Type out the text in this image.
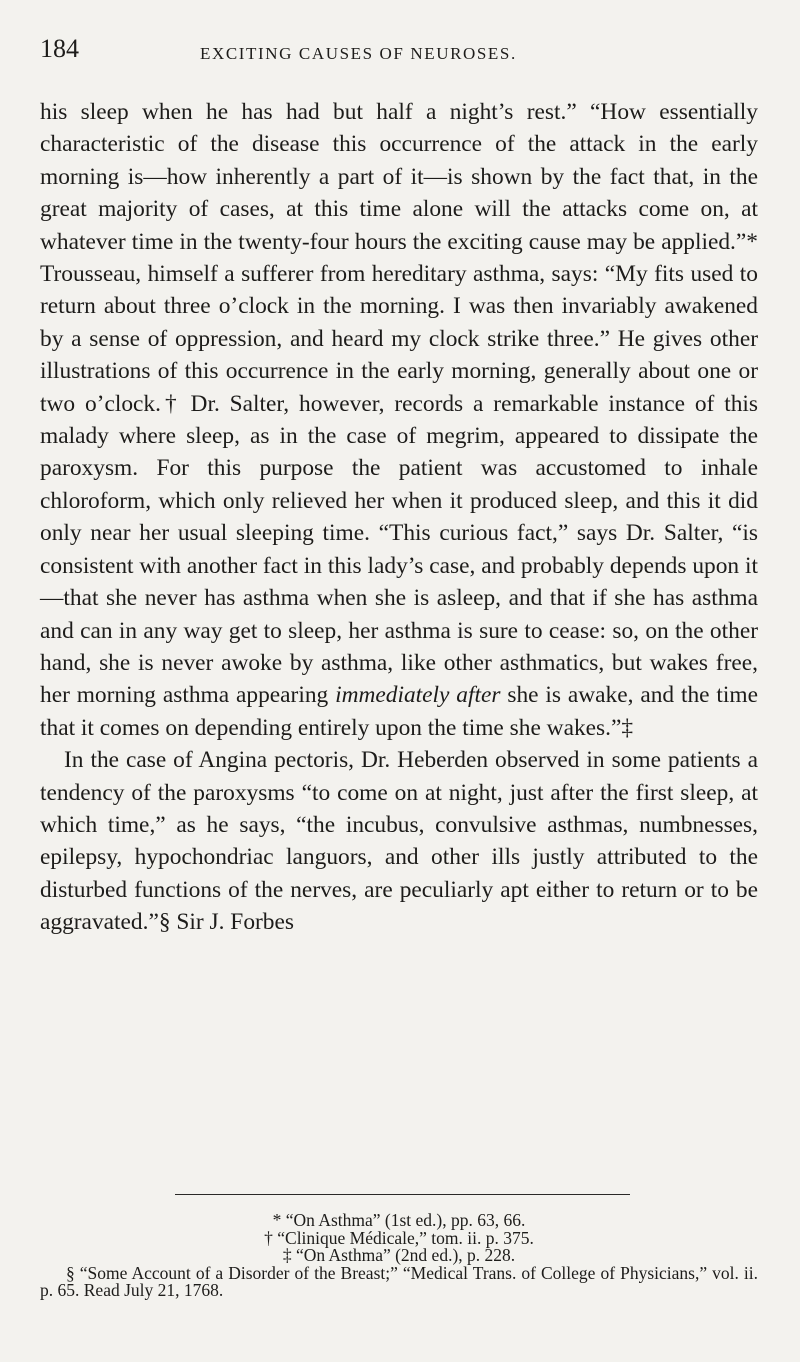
184	EXCITING CAUSES OF NEUROSES.

his sleep when he has had but half a night’s rest.” “How essentially characteristic of the disease this occurrence of the attack in the early morning is—how inherently a part of it—is shown by the fact that, in the great majority of cases, at this time alone will the attacks come on, at whatever time in the twenty-four hours the exciting cause may be applied.”* Trousseau, himself a sufferer from hereditary asthma, says: “My fits used to return about three o’clock in the morning. I was then invariably awakened by a sense of oppression, and heard my clock strike three.” He gives other illustrations of this occurrence in the early morning, generally about one or two o’clock.† Dr. Salter, however, records a remarkable instance of this malady where sleep, as in the case of megrim, appeared to dissipate the paroxysm. For this purpose the patient was accustomed to inhale chloroform, which only relieved her when it produced sleep, and this it did only near her usual sleeping time. “This curious fact,” says Dr. Salter, “is consistent with another fact in this lady’s case, and probably depends upon it—that she never has asthma when she is asleep, and that if she has asthma and can in any way get to sleep, her asthma is sure to cease: so, on the other hand, she is never awoke by asthma, like other asthmatics, but wakes free, her morning asthma appearing immediately after she is awake, and the time that it comes on depending entirely upon the time she wakes.”‡

In the case of Angina pectoris, Dr. Heberden observed in some patients a tendency of the paroxysms “to come on at night, just after the first sleep, at which time,” as he says, “the incubus, convulsive asthmas, numbnesses, epilepsy, hypochondriac languors, and other ills justly attributed to the disturbed functions of the nerves, are peculiarly apt either to return or to be aggravated.”§ Sir J. Forbes

* “On Asthma” (1st ed.), pp. 63, 66.

† “Clinique Médicale,” tom. ii. p. 375.

‡ “On Asthma” (2nd ed.), p. 228.

§ “Some Account of a Disorder of the Breast;” “Medical Trans. of College of Physicians,” vol. ii. p. 65. Read July 21, 1768.
